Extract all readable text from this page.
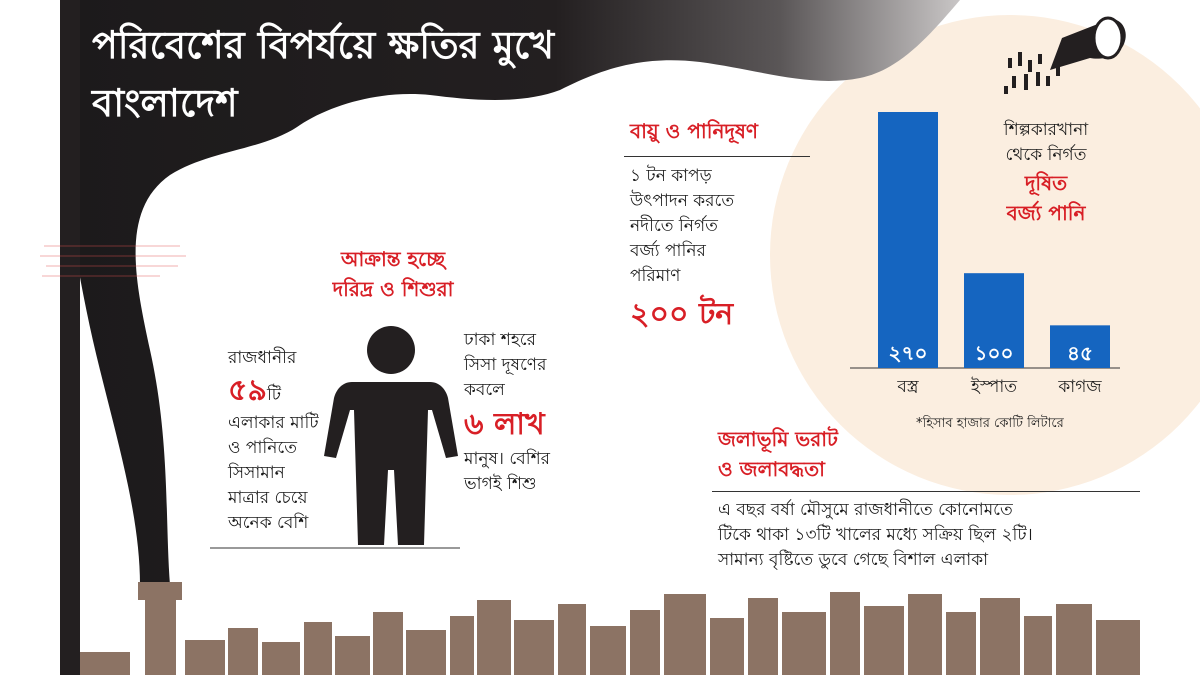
পরিবেশের বিপর্যয়ে ক্ষতির মুখে বাংলাদেশ
আক্রান্ত হচ্ছে
দরিদ্র ও শিশুরা
রাজধানীর
৫৯টি
এলাকার মাটি
ও পানিতে
সিসামান
মাত্রার চেয়ে
অনেক বেশি
ঢাকা শহরে
সিসা দূষণের
কবলে
৬ লাখ
মানুষ। বেশির
ভাগই শিশু
বায়ু ও পানিদূষণ
১ টন কাপড়
উৎপাদন করতে
নদীতে নির্গত
বর্জ্য পানির
পরিমাণ
২০০ টন
শিল্পকারখানা
থেকে নির্গত
দূষিত
বর্জ্য পানি
২৭০
বস্ত্র
১০০
ইস্পাত
৪৫
কাগজ
*হিসাব হাজার কোটি লিটারে
জলাভূমি ভরাট
ও জলাবদ্ধতা
এ বছর বর্ষা মৌসুমে রাজধানীতে কোনোমতে
টিকে থাকা ১৩টি খালের মধ্যে সক্রিয় ছিল ২টি।
সামান্য বৃষ্টিতে ডুবে গেছে বিশাল এলাকা
